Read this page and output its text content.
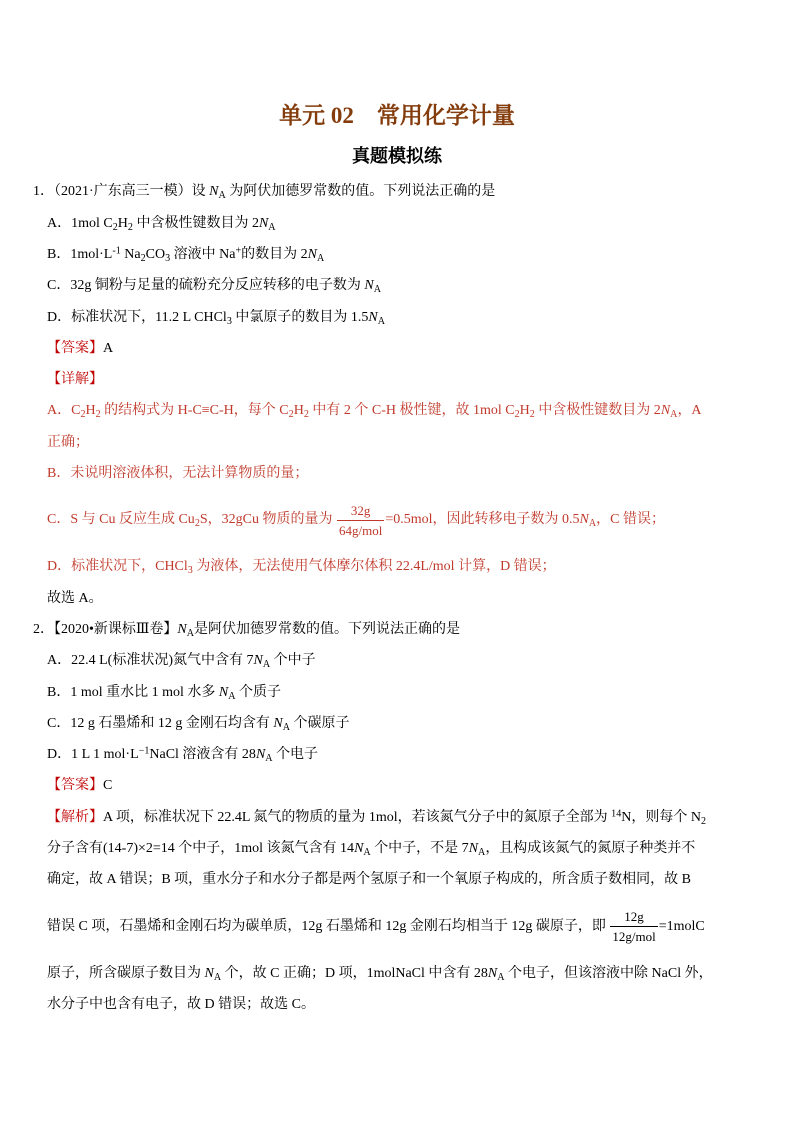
单元 02　常用化学计量
真题模拟练
1．（2021·广东高三一模）设 $N_A$ 为阿伏加德罗常数的值。下列说法正确的是
A．1mol $C_2H_2$ 中含极性键数目为 $2N_A$
B．$1mol\cdot L^{-1}$ $Na_2CO_3$ 溶液中 Na+的数目为 $2N_A$
C．32g 铜粉与足量的硫粉充分反应转移的电子数为 $N_A$
D．标准状况下，11.2 L CHCl$_3$ 中氯原子的数目为 $1.5N_A$
【答案】A
【详解】
A．$C_2H_2$ 的结构式为 H-C≡C-H，每个 $C_2H_2$ 中有 2 个 C-H 极性键，故 1mol $C_2H_2$ 中含极性键数目为 $2N_A$，A
正确；
B．未说明溶液体积，无法计算物质的量；
C．S 与 Cu 反应生成 $Cu_2S$，32gCu 物质的量为 $\frac{32g}{\text{64g/mol}} =0.5mol$，因此转移电子数为 $0.5N_A$，C 错误；
D．标准状况下，CHCl$_3$ 为液体，无法使用气体摩尔体积 22.4L/mol 计算，D 错误；
故选 A。
2．【2020•新课标Ⅲ卷】$N_A$是阿伏加德罗常数的值。下列说法正确的是
A．22.4 L(标准状况)氮气中含有 $7N_A$ 个中子
B．1 mol 重水比 1 mol 水多 $N_A$ 个质子
C．12 g 石墨烯和 12 g 金刚石均含有 $N_A$ 个碳原子
D．1 L 1 $mol\cdot L^{-1}NaCl$ 溶液含有 $28N_A$ 个电子
【答案】C
【解析】A 项，标准状况下 22.4L 氮气的物质的量为 1mol，若该氮气分子中的氮原子全部为 $^{14}$N，则每个 $N_2$
分子含有(14-7)×2=14 个中子，1mol 该氮气含有 $14N_A$ 个中子，不是 $7N_A$，且构成该氮气的氮原子种类并不
确定，故 A 错误；B 项，重水分子和水分子都是两个氢原子和一个氧原子构成的，所含质子数相同，故 B
错误 C 项，石墨烯和金刚石均为碳单质，12g 石墨烯和 12g 金刚石均相当于 12g 碳原子，即 $\frac{12g}{\text{12g/mol}}$ =1molC
原子，所含碳原子数目为 $N_A$ 个，故 C 正确；D 项，1molNaCl 中含有 $28N_A$ 个电子，但该溶液中除 NaCl 外，
水分子中也含有电子，故 D 错误；故选 C。
